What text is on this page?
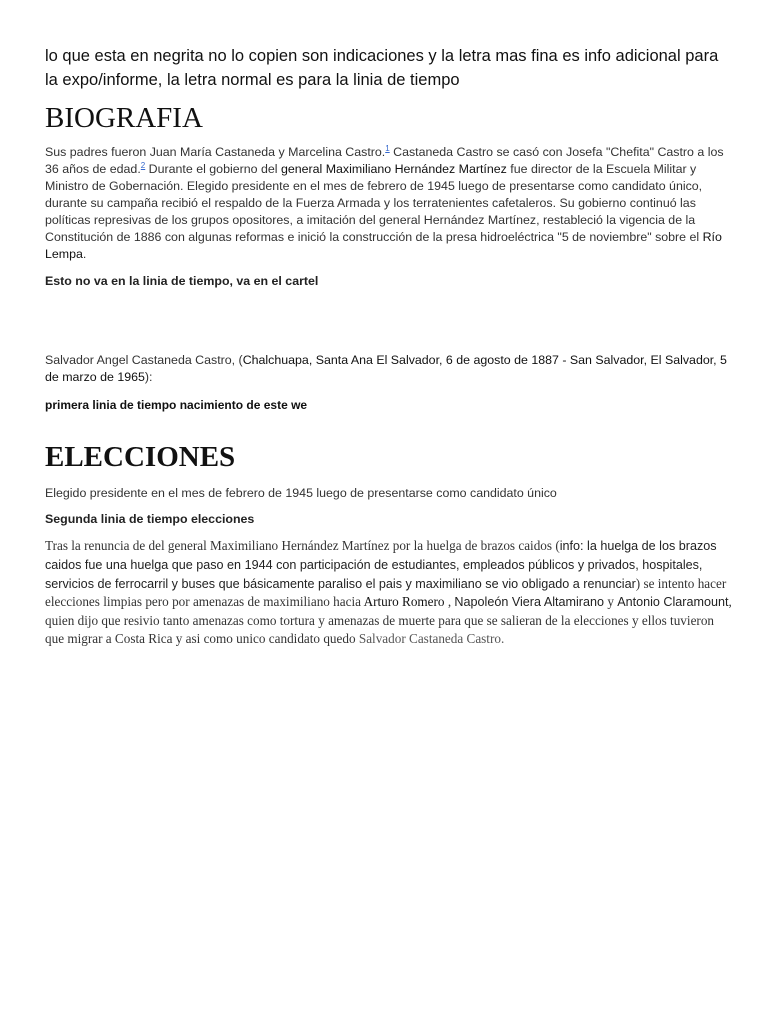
lo que esta en negrita no lo copien son indicaciones y la letra mas fina es info adicional para la expo/informe, la letra normal es para la linia de tiempo

BIOGRAFIA

Sus padres fueron Juan María Castaneda y Marcelina Castro.$^1$ Castaneda Castro se casó con Josefa "Chefita" Castro a los 36 años de edad.$^2$ Durante el gobierno del general Maximiliano Hernández Martínez fue director de la Escuela Militar y Ministro de Gobernación. Elegido presidente en el mes de febrero de 1945 luego de presentarse como candidato único, durante su campaña recibió el respaldo de la Fuerza Armada y los terratenientes cafetaleros. Su gobierno continuó las políticas represivas de los grupos opositores, a imitación del general Hernández Martínez, restableció la vigencia de la Constitución de 1886 con algunas reformas e inició la construcción de la presa hidroeléctrica "5 de noviembre" sobre el Río Lempa.

Esto no va en la linia de tiempo, va en el cartel

Salvador Angel Castaneda Castro, (Chalchuapa, Santa Ana El Salvador, 6 de agosto de 1887 - San Salvador, El Salvador, 5 de marzo de 1965):

primera linia de tiempo nacimiento de este we

ELECCIONES

Elegido presidente en el mes de febrero de 1945 luego de presentarse como candidato único

Segunda linia de tiempo elecciones

Tras la renuncia de del general Maximiliano Hernández Martínez por la huelga de brazos caidos (info: la huelga de los brazos caidos fue una huelga que paso en 1944 con participación de estudiantes, empleados públicos y privados, hospitales, servicios de ferrocarril y buses que básicamente paraliso el pais y maximiliano se vio obligado a renunciar) se intento hacer elecciones limpias pero por amenazas de maximiliano hacia Arturo Romero , Napoleón Viera Altamirano y Antonio Claramount, quien dijo que resivio tanto amenazas como tortura y amenazas de muerte para que se salieran de la elecciones y ellos tuvieron que migrar a Costa Rica y asi como unico candidato quedo Salvador Castaneda Castro.
